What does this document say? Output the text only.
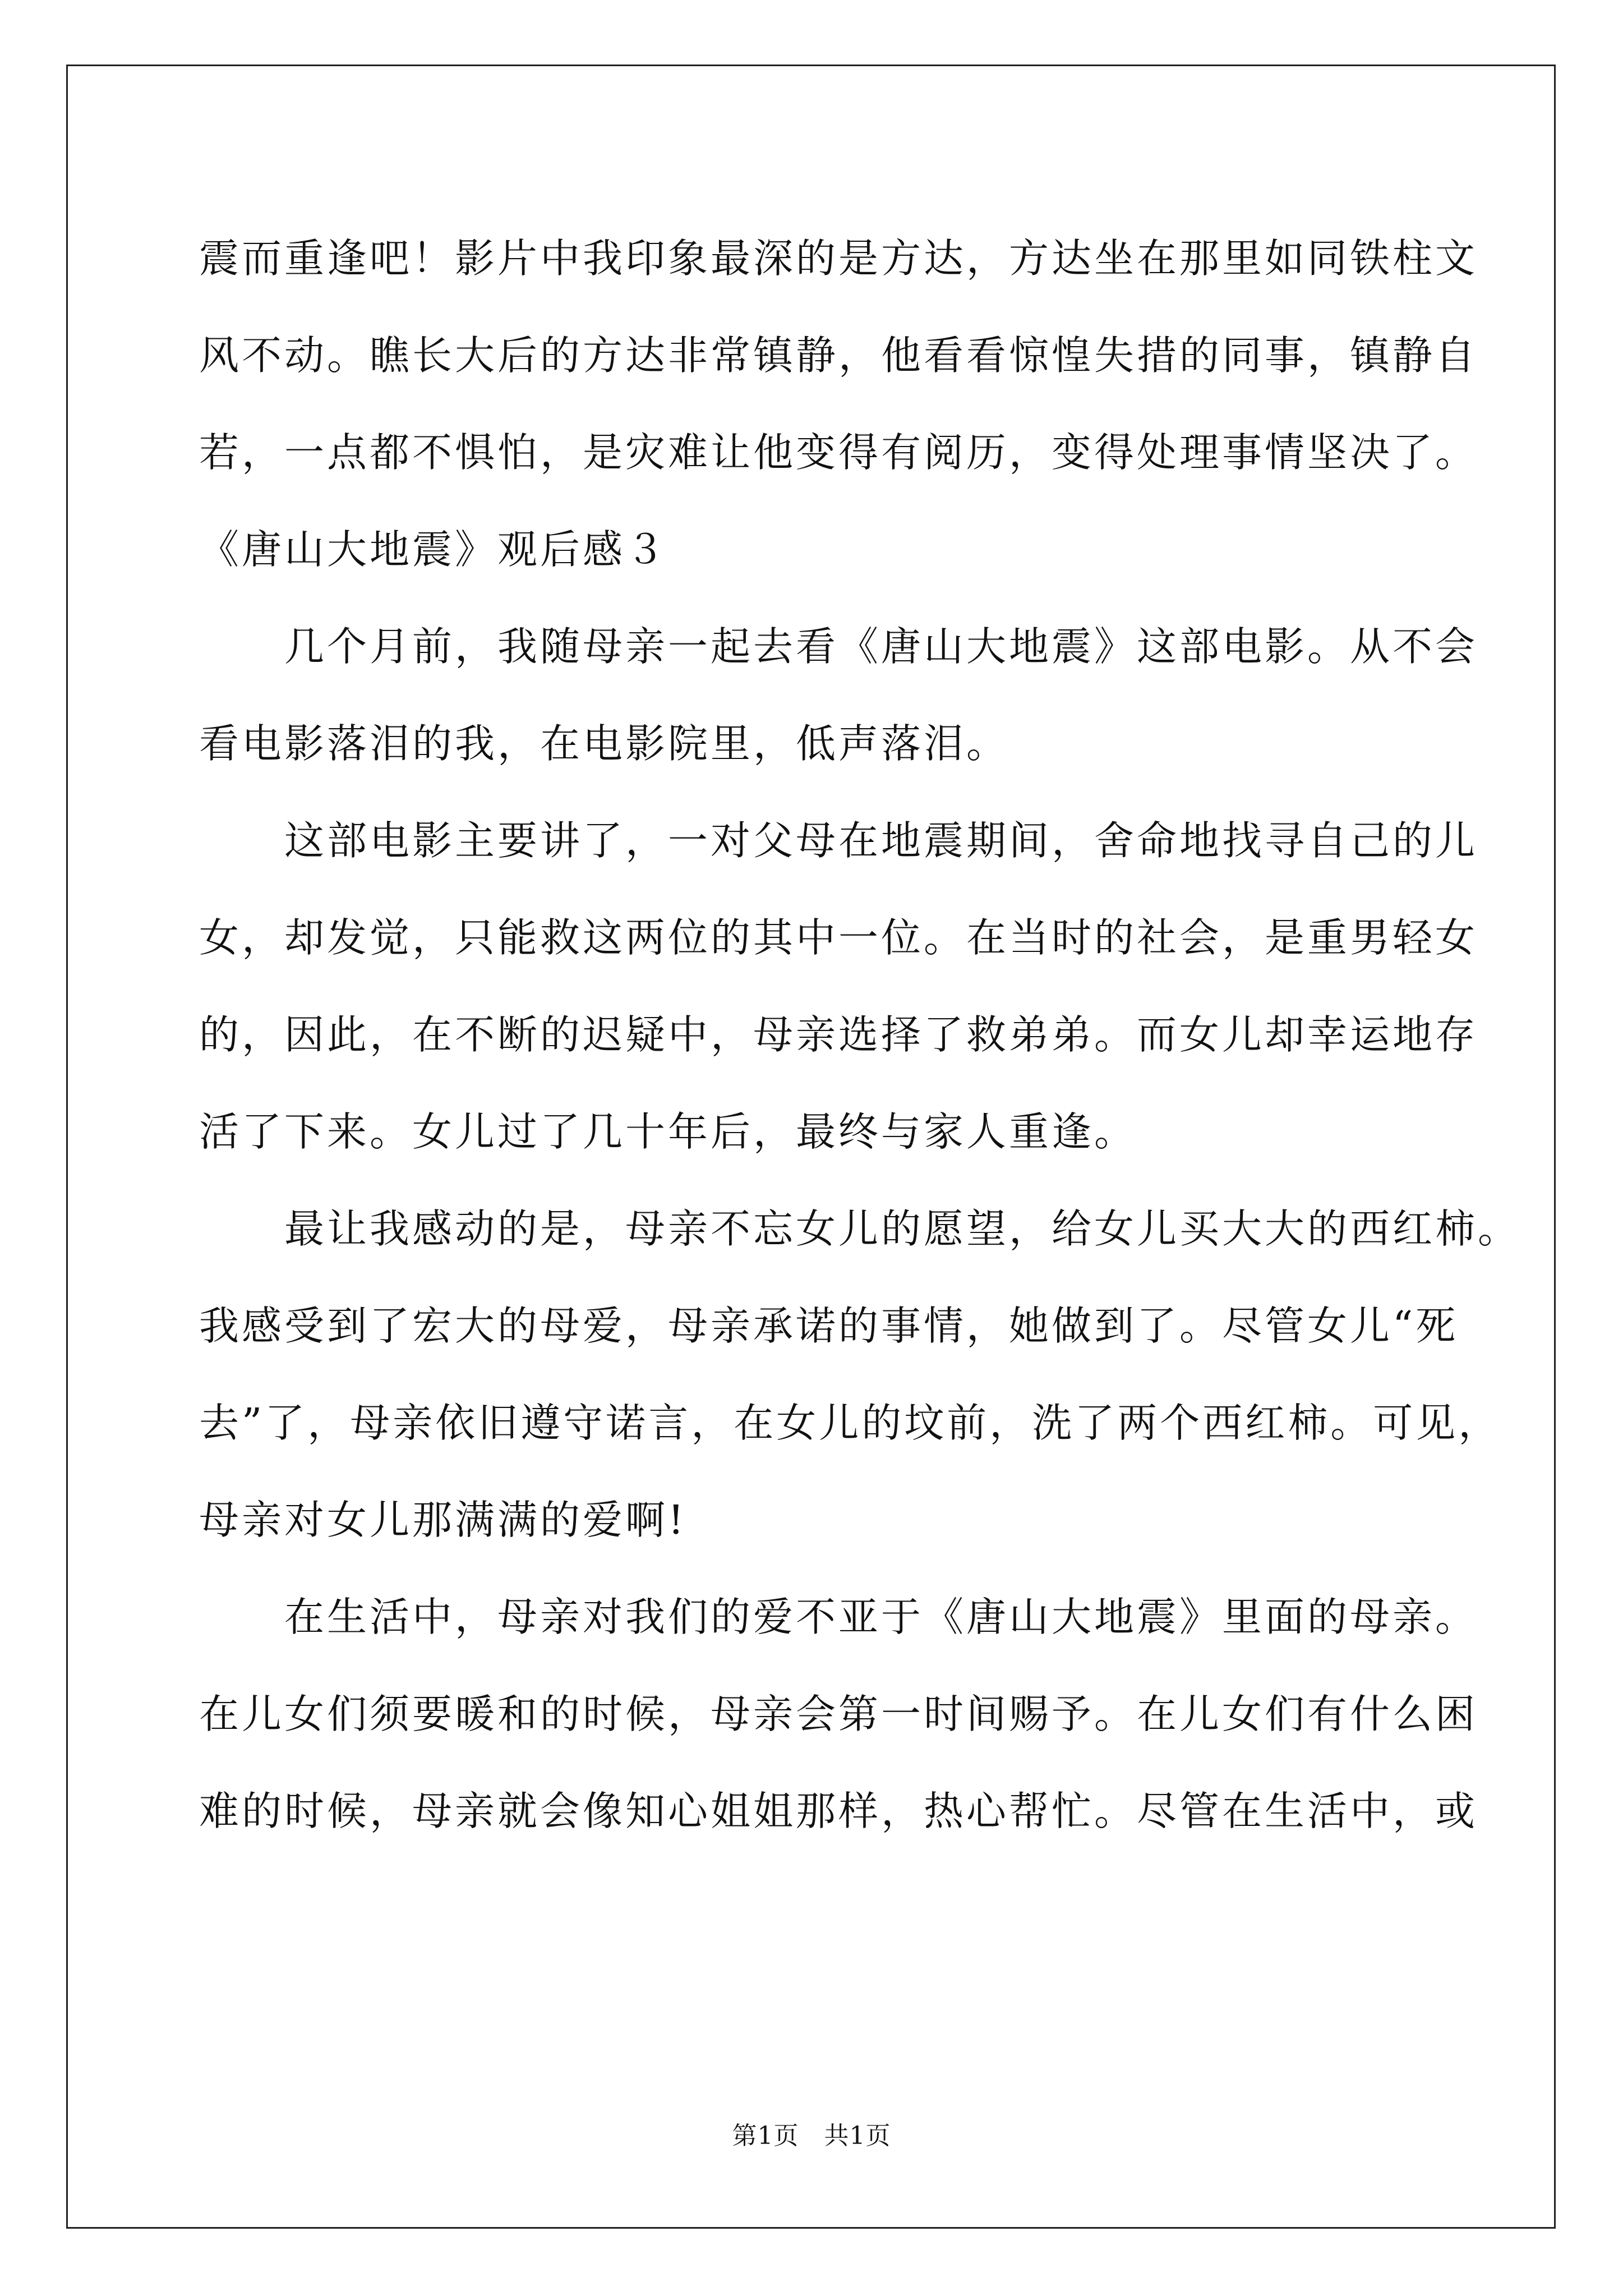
震而重逢吧！影片中我印象最深的是方达，方达坐在那里如同铁柱文
风不动。瞧长大后的方达非常镇静，他看看惊惶失措的同事，镇静自
若，一点都不惧怕，是灾难让他变得有阅历，变得处理事情坚决了。
《唐山大地震》观后感３
　　几个月前，我随母亲一起去看《唐山大地震》这部电影。从不会
看电影落泪的我，在电影院里，低声落泪。
　　这部电影主要讲了，一对父母在地震期间，舍命地找寻自己的儿
女，却发觉，只能救这两位的其中一位。在当时的社会，是重男轻女
的，因此，在不断的迟疑中，母亲选择了救弟弟。而女儿却幸运地存
活了下来。女儿过了几十年后，最终与家人重逢。
　　最让我感动的是，母亲不忘女儿的愿望，给女儿买大大的西红柿。
我感受到了宏大的母爱，母亲承诺的事情，她做到了。尽管女儿“死
去”了，母亲依旧遵守诺言，在女儿的坟前，洗了两个西红柿。可见，
母亲对女儿那满满的爱啊!
　　在生活中，母亲对我们的爱不亚于《唐山大地震》里面的母亲。
在儿女们须要暖和的时候，母亲会第一时间赐予。在儿女们有什么困
难的时候，母亲就会像知心姐姐那样，热心帮忙。尽管在生活中，或
第1页　共1页
